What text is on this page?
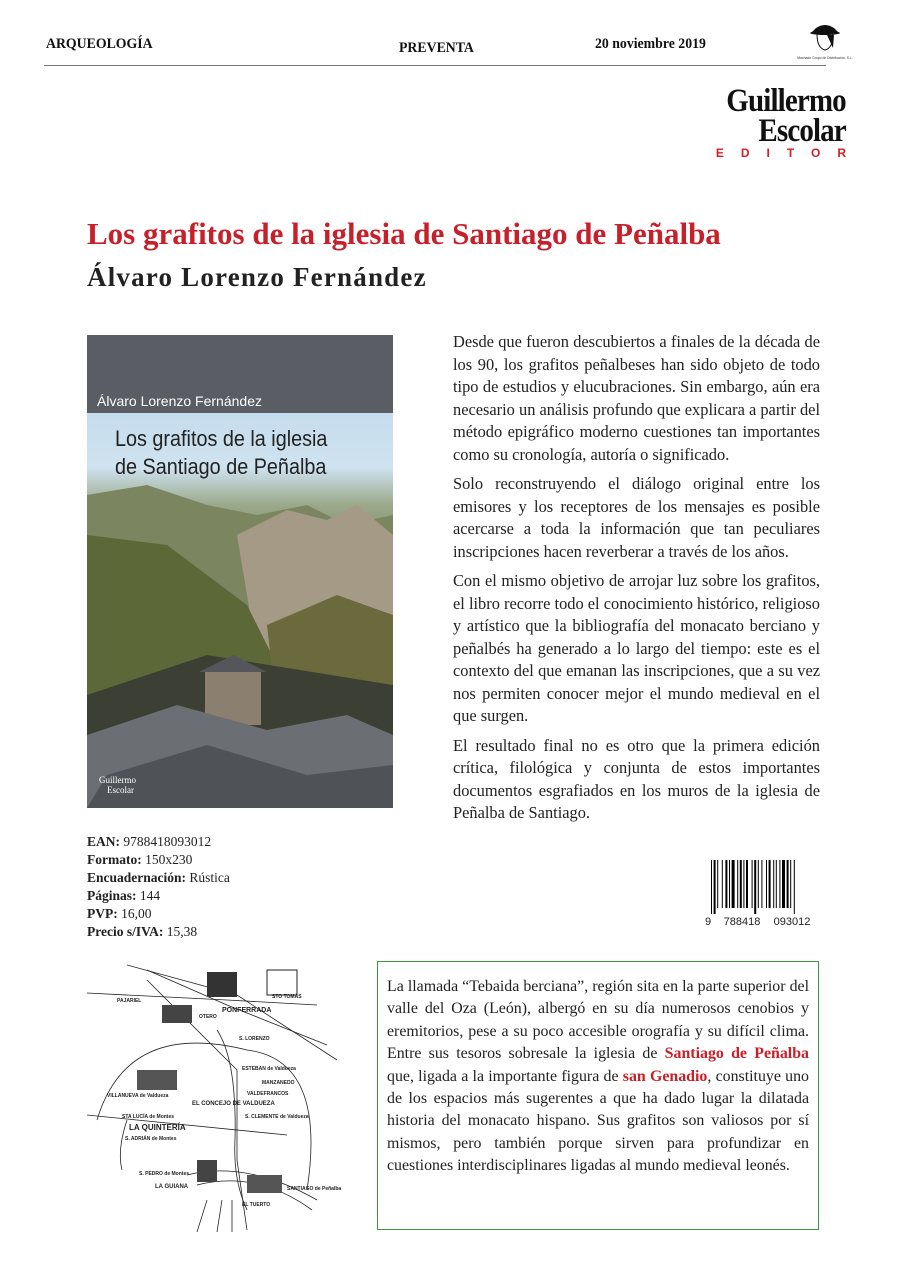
ARQUEOLOGÍA	PREVENTA	20 noviembre 2019
Machado Grupo de Distribución, S.L.
Guillermo
Escolar
EDITOR
Los grafitos de la iglesia de Santiago de Peñalba
Álvaro Lorenzo Fernández
Álvaro Lorenzo Fernández
Los grafitos de la iglesia
de Santiago de Peñalba
Guillermo
Escolar

Desde que fueron descubiertos a finales de la década de los 90, los grafitos peñalbeses han sido objeto de todo tipo de estudios y elucubraciones. Sin embargo, aún era necesario un análisis profundo que explicara a partir del método epigráfico moderno cuestiones tan importantes como su cronología, autoría o significado.

Solo reconstruyendo el diálogo original entre los emisores y los receptores de los mensajes es posible acercarse a toda la información que tan peculiares inscripciones hacen reverberar a través de los años.

Con el mismo objetivo de arrojar luz sobre los grafitos, el libro recorre todo el conocimiento histórico, religioso y artístico que la bibliografía del monacato berciano y peñalbés ha generado a lo largo del tiempo: este es el contexto del que emanan las inscripciones, que a su vez nos permiten conocer mejor el mundo medieval en el que surgen.

El resultado final no es otro que la primera edición crítica, filológica y conjunta de estos importantes documentos esgrafiados en los muros de la iglesia de Peñalba de Santiago.

EAN: 9788418093012
Formato: 150x230
Encuadernación: Rústica
Páginas: 144
PVP: 16,00
Precio s/IVA: 15,38
9	788418	093012
PONFERRADA
STO TOMÁS
PAJARIEL
OTERO
S. LORENZO
ESTEBAN de Valdueza
MANZANEDO
VALDEFRANCOS
VILLANUEVA de Valdueza
EL CONCEJO DE VALDUEZA
STA LUCÍA de Montes	S. CLEMENTE de Valdueza
LA QUINTERÍA
S. ADRIÁN de Montes
S. PEDRO de Montes
LA GUIANA	SANTIAGO de Peñalba
EL TUERTO
La llamada “Tebaida berciana”, región sita en la parte superior del valle del Oza (León), albergó en su día numerosos cenobios y eremitorios, pese a su poco accesible orografía y su difícil clima. Entre sus tesoros sobresale la iglesia de Santiago de Peñalba que, ligada a la importante figura de san Genadio, constituye uno de los espacios más sugerentes a que ha dado lugar la dilatada historia del monacato hispano. Sus grafitos son valiosos por sí mismos, pero también porque sirven para profundizar en cuestiones interdisciplinares ligadas al mundo medieval leonés.
